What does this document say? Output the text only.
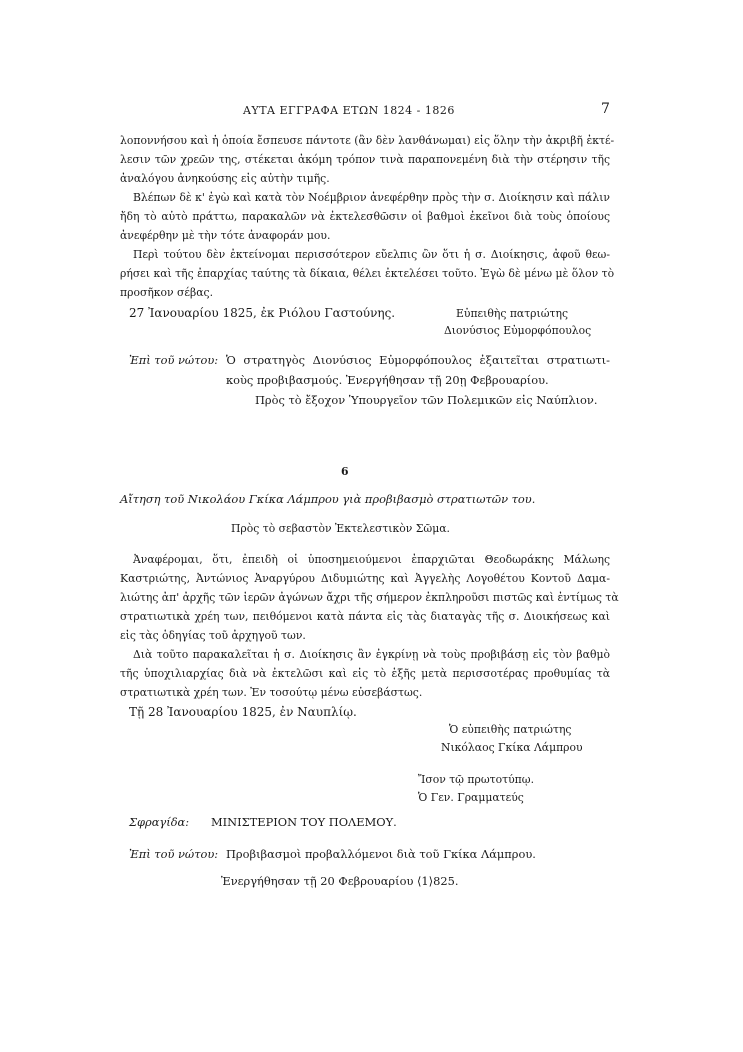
ΑΥΤΑ ΕΓΓΡΑΦΑ ΕΤΩΝ 1824 - 1826	7
λοποννήσου καὶ ἡ ὁποία ἔσπευσε πάντοτε (ἂν δὲν λανθάνωμαι) εἰς ὅλην τὴν ἀκριβῆ ἐκτέ-
λεσιν τῶν χρεῶν της, στέκεται ἀκόμη τρόπον τινὰ παραπονεμένη διὰ τὴν στέρησιν τῆς
ἀναλόγου ἀνηκούσης εἰς αὐτὴν τιμῆς.
Βλέπων δὲ κ' ἐγὼ καὶ κατὰ τὸν Νοέμβριον ἀνεφέρθην πρὸς τὴν σ. Διοίκησιν καὶ πάλιν
ἤδη τὸ αὐτὸ πράττω, παρακαλῶν νὰ ἐκτελεσθῶσιν οἱ βαθμοὶ ἐκεῖνοι διὰ τοὺς ὁποίους
ἀνεφέρθην μὲ τὴν τότε ἀναφοράν μου.
Περὶ τούτου δὲν ἐκτείνομαι περισσότερον εὔελπις ὢν ὅτι ἡ σ. Διοίκησις, ἀφοῦ θεω-
ρήσει καὶ τῆς ἐπαρχίας ταύτης τὰ δίκαια, θέλει ἐκτελέσει τοῦτο. Ἐγὼ δὲ μένω μὲ ὅλον τὸ
προσῆκον σέβας.
27 Ἰανουαρίου 1825, ἐκ Ριόλου Γαστούνης.	Εὐπειθὴς πατριώτης
Διονύσιος Εὐμορφόπουλος
Ἐπὶ τοῦ νώτου: Ὁ στρατηγὸς Διονύσιος Εὐμορφόπουλος ἐξαιτεῖται στρατιωτι-
κοὺς προβιβασμούς. Ἐνεργήθησαν τῇ 20ῃ Φεβρουαρίου.
Πρὸς τὸ ἔξοχον Ὑπουργεῖον τῶν Πολεμικῶν εἰς Ναύπλιον.
6
Αἴτηση τοῦ Νικολάου Γκίκα Λάμπρου γιὰ προβιβασμὸ στρατιωτῶν του.
Πρὸς τὸ σεβαστὸν Ἐκτελεστικὸν Σῶμα.
Ἀναφέρομαι, ὅτι, ἐπειδὴ οἱ ὑποσημειούμενοι ἐπαρχιῶται Θεοδωράκης Μάλωης
Καστριώτης, Ἀντώνιος Ἀναργύρου Διδυμιώτης καὶ Ἀγγελὴς Λογοθέτου Κοντοῦ Δαμα-
λιώτης ἀπ' ἀρχῆς τῶν ἱερῶν ἀγώνων ἄχρι τῆς σήμερον ἐκπληροῦσι πιστῶς καὶ ἐντίμως τὰ
στρατιωτικὰ χρέη των, πειθόμενοι κατὰ πάντα εἰς τὰς διαταγὰς τῆς σ. Διοικήσεως καὶ
εἰς τὰς ὁδηγίας τοῦ ἀρχηγοῦ των.
Διὰ τοῦτο παρακαλεῖται ἡ σ. Διοίκησις ἂν ἐγκρίνῃ νὰ τοὺς προβιβάσῃ εἰς τὸν βαθμὸ
τῆς ὑποχιλιαρχίας διὰ νὰ ἐκτελῶσι καὶ εἰς τὸ ἑξῆς μετὰ περισσοτέρας προθυμίας τὰ
στρατιωτικὰ χρέη των. Ἐν τοσούτῳ μένω εὐσεβάστως.
Τῇ 28 Ἰανουαρίου 1825, ἐν Ναυπλίῳ.
Ὁ εὐπειθὴς πατριώτης
Νικόλαος Γκίκα Λάμπρου
Ἴσον τῷ πρωτοτύπῳ.
Ὁ Γεν. Γραμματεύς
Σφραγίδα: ΜΙΝΙΣΤΕΡΙΟΝ ΤΟΥ ΠΟΛΕΜΟΥ.
Ἐπὶ τοῦ νώτου: Προβιβασμοὶ προβαλλόμενοι διὰ τοῦ Γκίκα Λάμπρου.
Ἐνεργήθησαν τῇ 20 Φεβρουαρίου ⟨1⟩825.
